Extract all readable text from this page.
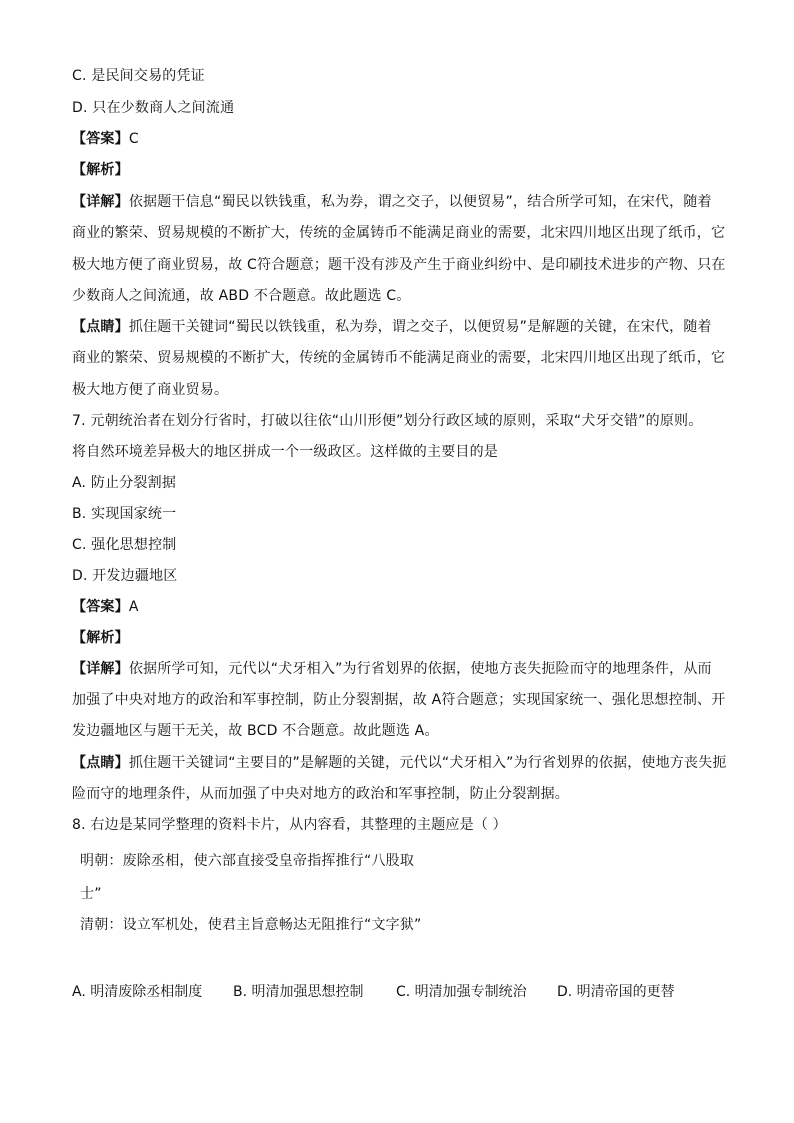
C. 是民间交易的凭证
D. 只在少数商人之间流通
【答案】C
【解析】
【详解】依据题干信息“蜀民以铁钱重，私为券，谓之交子，以便贸易”，结合所学可知，在宋代，随着
商业的繁荣、贸易规模的不断扩大，传统的金属铸币不能满足商业的需要，北宋四川地区出现了纸币，它
极大地方便了商业贸易，故 C符合题意；题干没有涉及产生于商业纠纷中、是印刷技术进步的产物、只在
少数商人之间流通，故 ABD 不合题意。故此题选 C。
【点睛】抓住题干关键词“蜀民以铁钱重，私为券，谓之交子，以便贸易”是解题的关键，在宋代，随着
商业的繁荣、贸易规模的不断扩大，传统的金属铸币不能满足商业的需要，北宋四川地区出现了纸币，它
极大地方便了商业贸易。
7. 元朝统治者在划分行省时，打破以往依“山川形便”划分行政区域的原则，采取“犬牙交错”的原则。
将自然环境差异极大的地区拼成一个一级政区。这样做的主要目的是
A. 防止分裂割据
B. 实现国家统一
C. 强化思想控制
D. 开发边疆地区
【答案】A
【解析】
【详解】依据所学可知，元代以“犬牙相入”为行省划界的依据，使地方丧失扼险而守的地理条件，从而
加强了中央对地方的政治和军事控制，防止分裂割据，故 A符合题意；实现国家统一、强化思想控制、开
发边疆地区与题干无关，故 BCD 不合题意。故此题选 A。
【点睛】抓住题干关键词“主要目的”是解题的关键，元代以“犬牙相入”为行省划界的依据，使地方丧失扼
险而守的地理条件，从而加强了中央对地方的政治和军事控制，防止分裂割据。
8. 右边是某同学整理的资料卡片，从内容看，其整理的主题应是（ ）
明朝：废除丞相，使六部直接受皇帝指挥推行“八股取
士”
清朝：设立军机处，使君主旨意畅达无阻推行“文字狱”
A. 明清废除丞相制度 B. 明清加强思想控制 C. 明清加强专制统治 D. 明清帝国的更替
